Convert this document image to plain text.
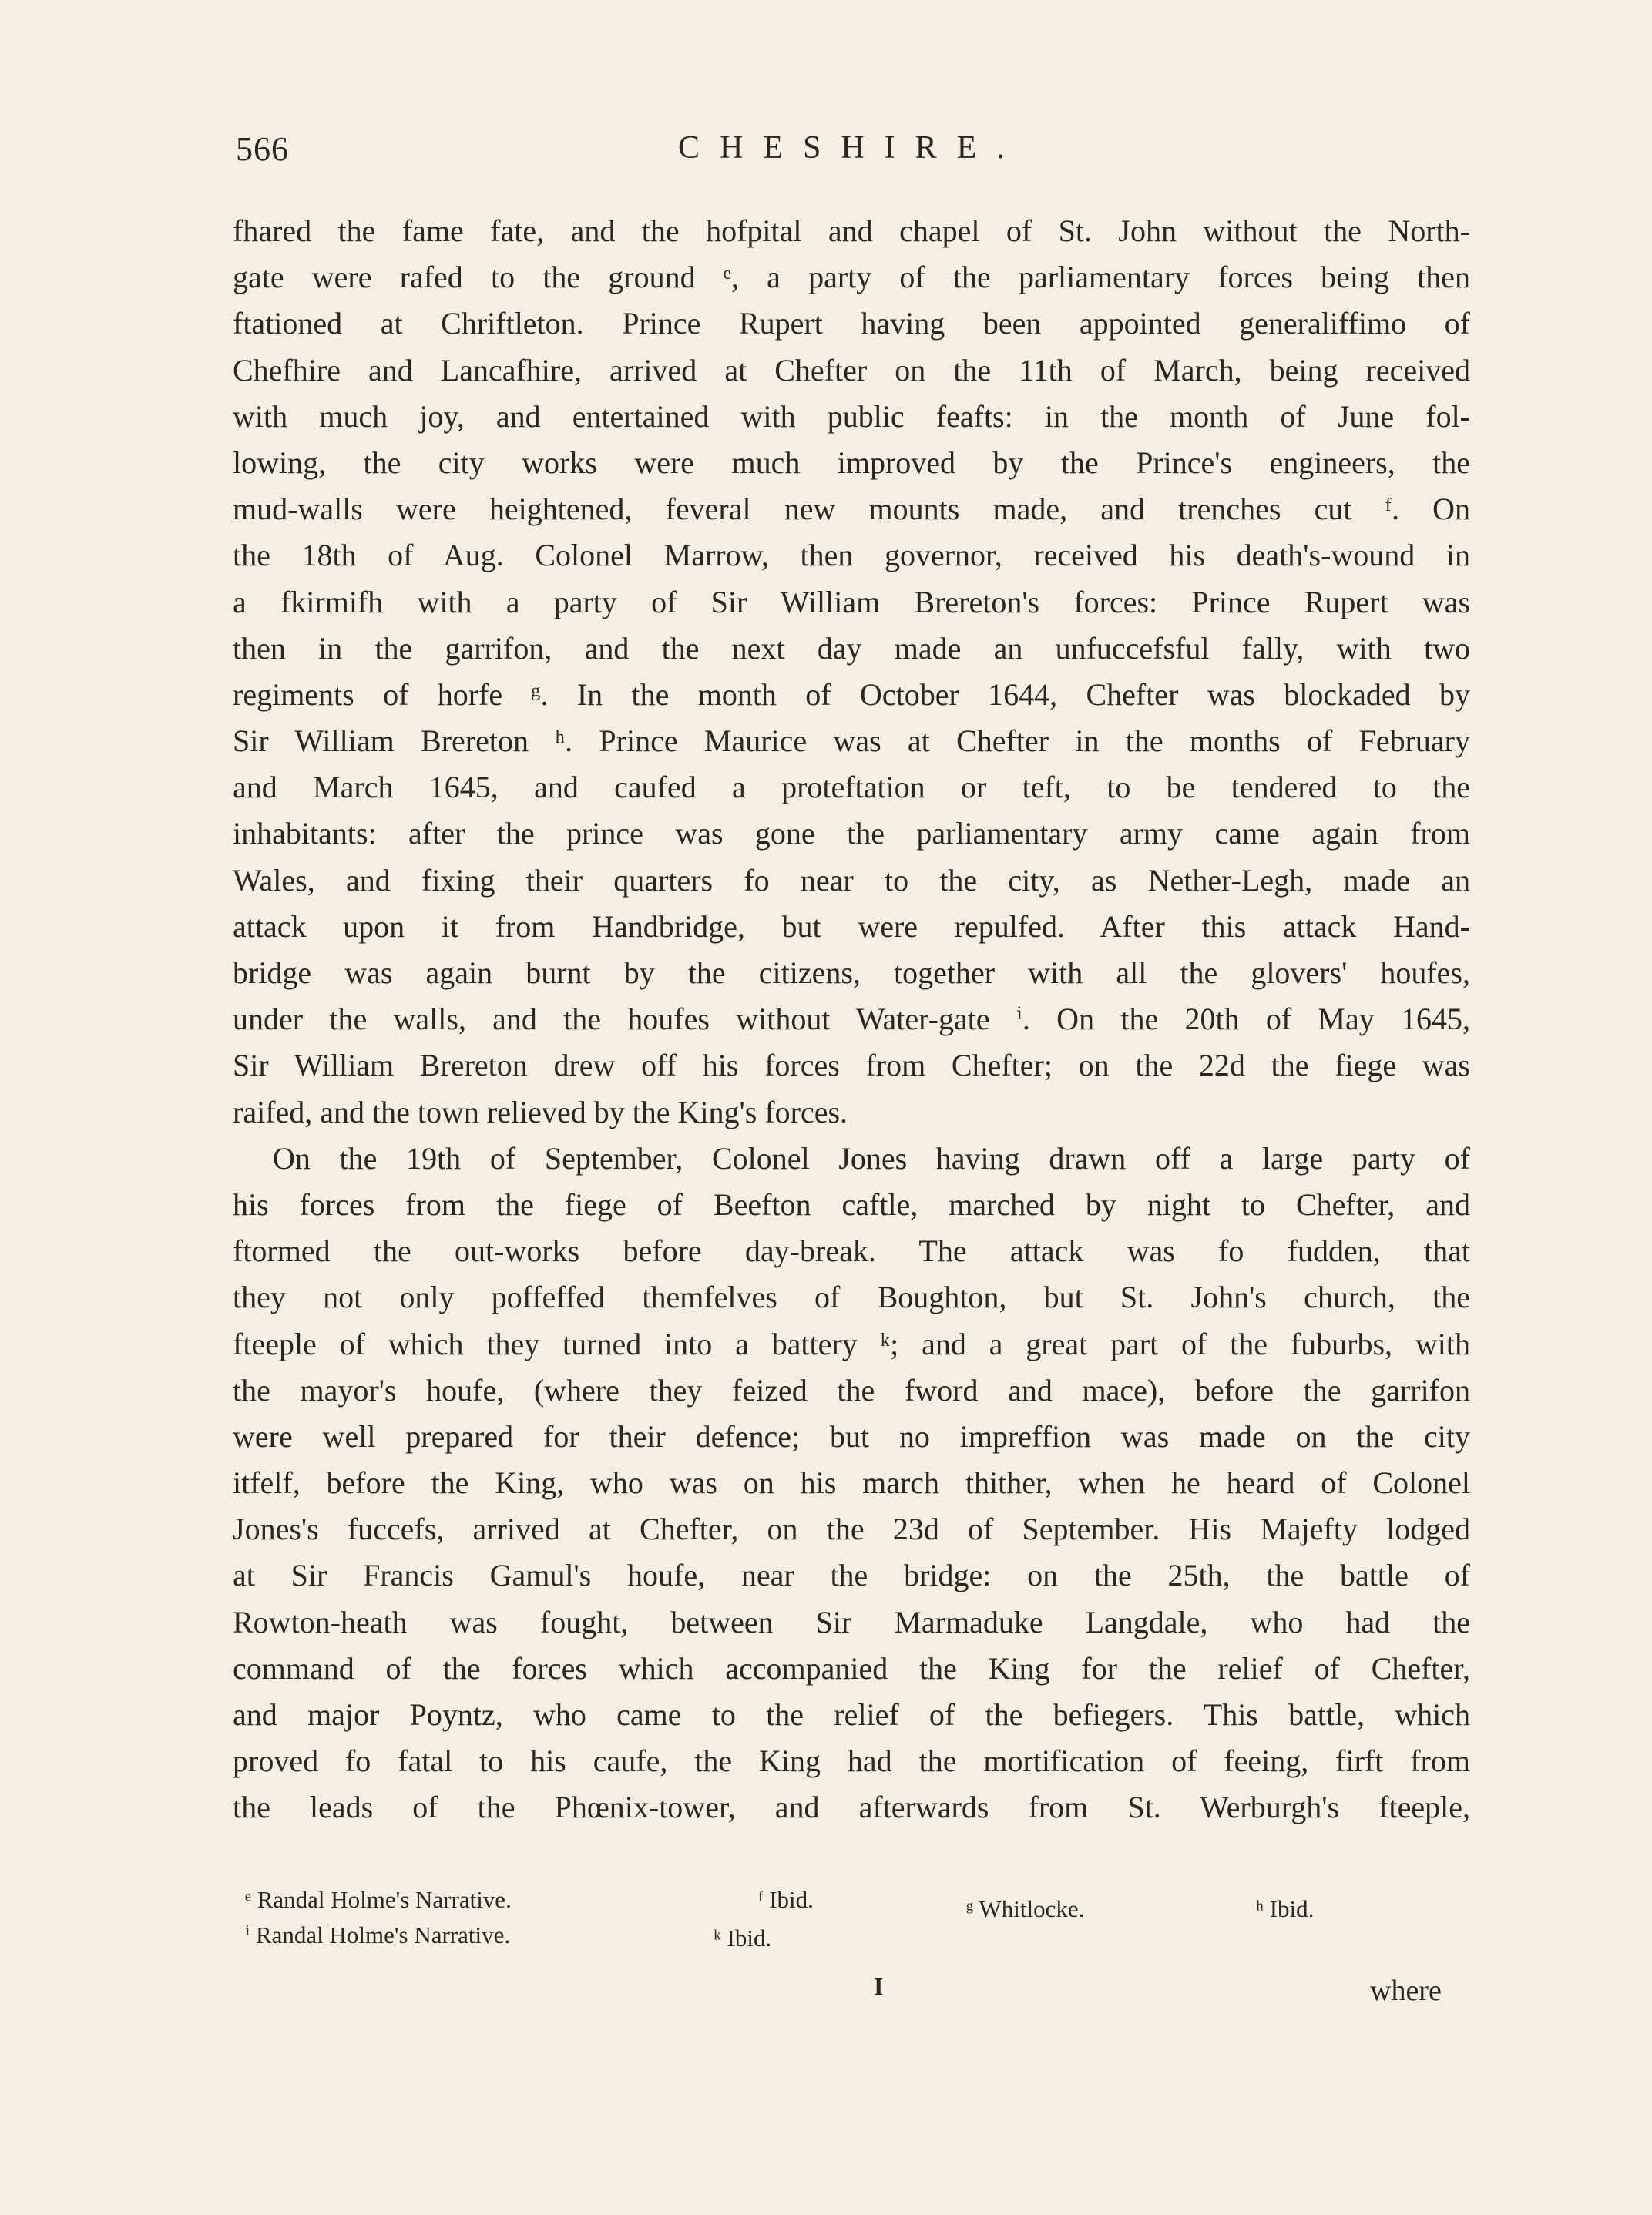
566	CHESHIRE.
fhared the fame fate, and the hofpital and chapel of St. John without the North-
gate were rafed to the ground ᵉ, a party of the parliamentary forces being then
ftationed at Chriftleton. Prince Rupert having been appointed generaliffimo of
Chefhire and Lancafhire, arrived at Chefter on the 11th of March, being received
with much joy, and entertained with public feafts: in the month of June fol-
lowing, the city works were much improved by the Prince's engineers, the
mud-walls were heightened, feveral new mounts made, and trenches cut ᶠ. On
the 18th of Aug. Colonel Marrow, then governor, received his death's-wound in
a fkirmifh with a party of Sir William Brereton's forces: Prince Rupert was
then in the garrifon, and the next day made an unfuccefsful fally, with two
regiments of horfe ᵍ. In the month of October 1644, Chefter was blockaded by
Sir William Brereton ʰ. Prince Maurice was at Chefter in the months of February
and March 1645, and caufed a proteftation or teft, to be tendered to the
inhabitants: after the prince was gone the parliamentary army came again from
Wales, and fixing their quarters fo near to the city, as Nether-Legh, made an
attack upon it from Handbridge, but were repulfed. After this attack Hand-
bridge was again burnt by the citizens, together with all the glovers' houfes,
under the walls, and the houfes without Water-gate ⁱ. On the 20th of May 1645,
Sir William Brereton drew off his forces from Chefter; on the 22d the fiege was
raifed, and the town relieved by the King's forces.
On the 19th of September, Colonel Jones having drawn off a large party of
his forces from the fiege of Beefton caftle, marched by night to Chefter, and
ftormed the out-works before day-break. The attack was fo fudden, that
they not only poffeffed themfelves of Boughton, but St. John's church, the
fteeple of which they turned into a battery ᵏ; and a great part of the fuburbs, with
the mayor's houfe, (where they feized the fword and mace), before the garrifon
were well prepared for their defence; but no impreffion was made on the city
itfelf, before the King, who was on his march thither, when he heard of Colonel
Jones's fuccefs, arrived at Chefter, on the 23d of September. His Majefty lodged
at Sir Francis Gamul's houfe, near the bridge: on the 25th, the battle of
Rowton-heath was fought, between Sir Marmaduke Langdale, who had the
command of the forces which accompanied the King for the relief of Chefter,
and major Poyntz, who came to the relief of the befiegers. This battle, which
proved fo fatal to his caufe, the King had the mortification of feeing, firft from
the leads of the Phœnix-tower, and afterwards from St. Werburgh's fteeple,
ᵉ Randal Holme's Narrative.	ᶠ Ibid.	ᵍ Whitlocke.	ʰ Ibid.
ⁱ Randal Holme's Narrative.	ᵏ Ibid.
I	where
